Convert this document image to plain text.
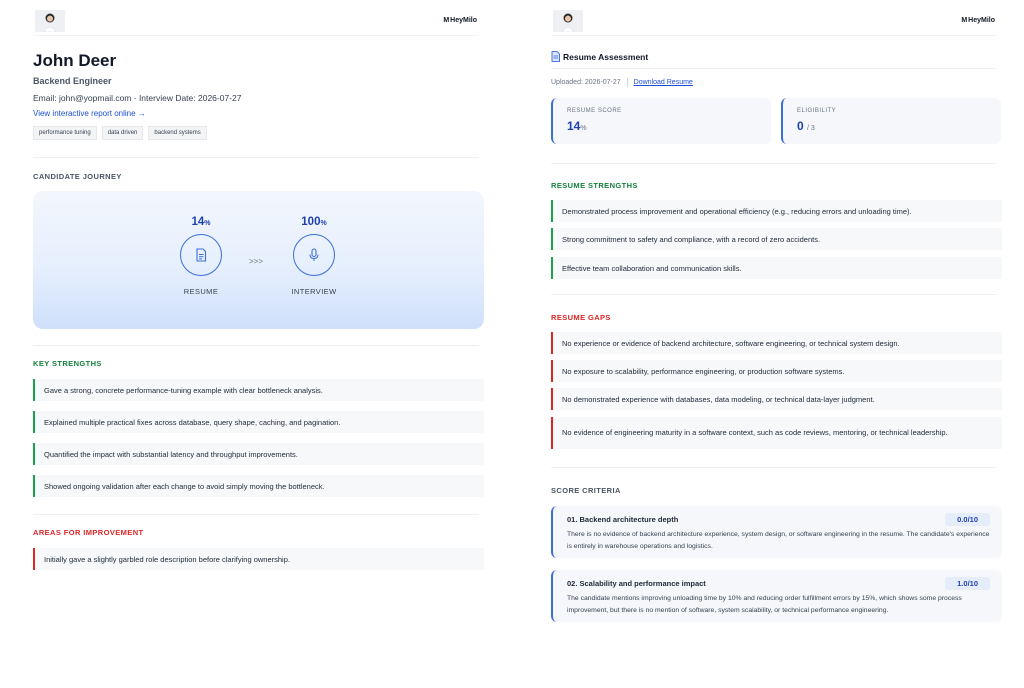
M HeyMilo
John Deer
Backend Engineer
Email: john@yopmail.com · Interview Date: 2026-07-27
View interactive report online →
performance tuning	data driven	backend systems
CANDIDATE JOURNEY
14%
RESUME
>>>
100%
INTERVIEW
KEY STRENGTHS
Gave a strong, concrete performance-tuning example with clear bottleneck analysis.
Explained multiple practical fixes across database, query shape, caching, and pagination.
Quantified the impact with substantial latency and throughput improvements.
Showed ongoing validation after each change to avoid simply moving the bottleneck.
AREAS FOR IMPROVEMENT
Initially gave a slightly garbled role description before clarifying ownership.
M HeyMilo
Resume Assessment
Uploaded: 2026-07-27 Download Resume
RESUME SCORE
14%
ELIGIBILITY
0 / 3
RESUME STRENGTHS
Demonstrated process improvement and operational efficiency (e.g., reducing errors and unloading time).
Strong commitment to safety and compliance, with a record of zero accidents.
Effective team collaboration and communication skills.
RESUME GAPS
No experience or evidence of backend architecture, software engineering, or technical system design.
No exposure to scalability, performance engineering, or production software systems.
No demonstrated experience with databases, data modeling, or technical data-layer judgment.
No evidence of engineering maturity in a software context, such as code reviews, mentoring, or technical leadership.
SCORE CRITERIA
01. Backend architecture depth	0.0/10
There is no evidence of backend architecture experience, system design, or software engineering in the resume. The candidate's experience is entirely in warehouse operations and logistics.
02. Scalability and performance impact	1.0/10
The candidate mentions improving unloading time by 10% and reducing order fulfillment errors by 15%, which shows some process improvement, but there is no mention of software, system scalability, or technical performance engineering.
